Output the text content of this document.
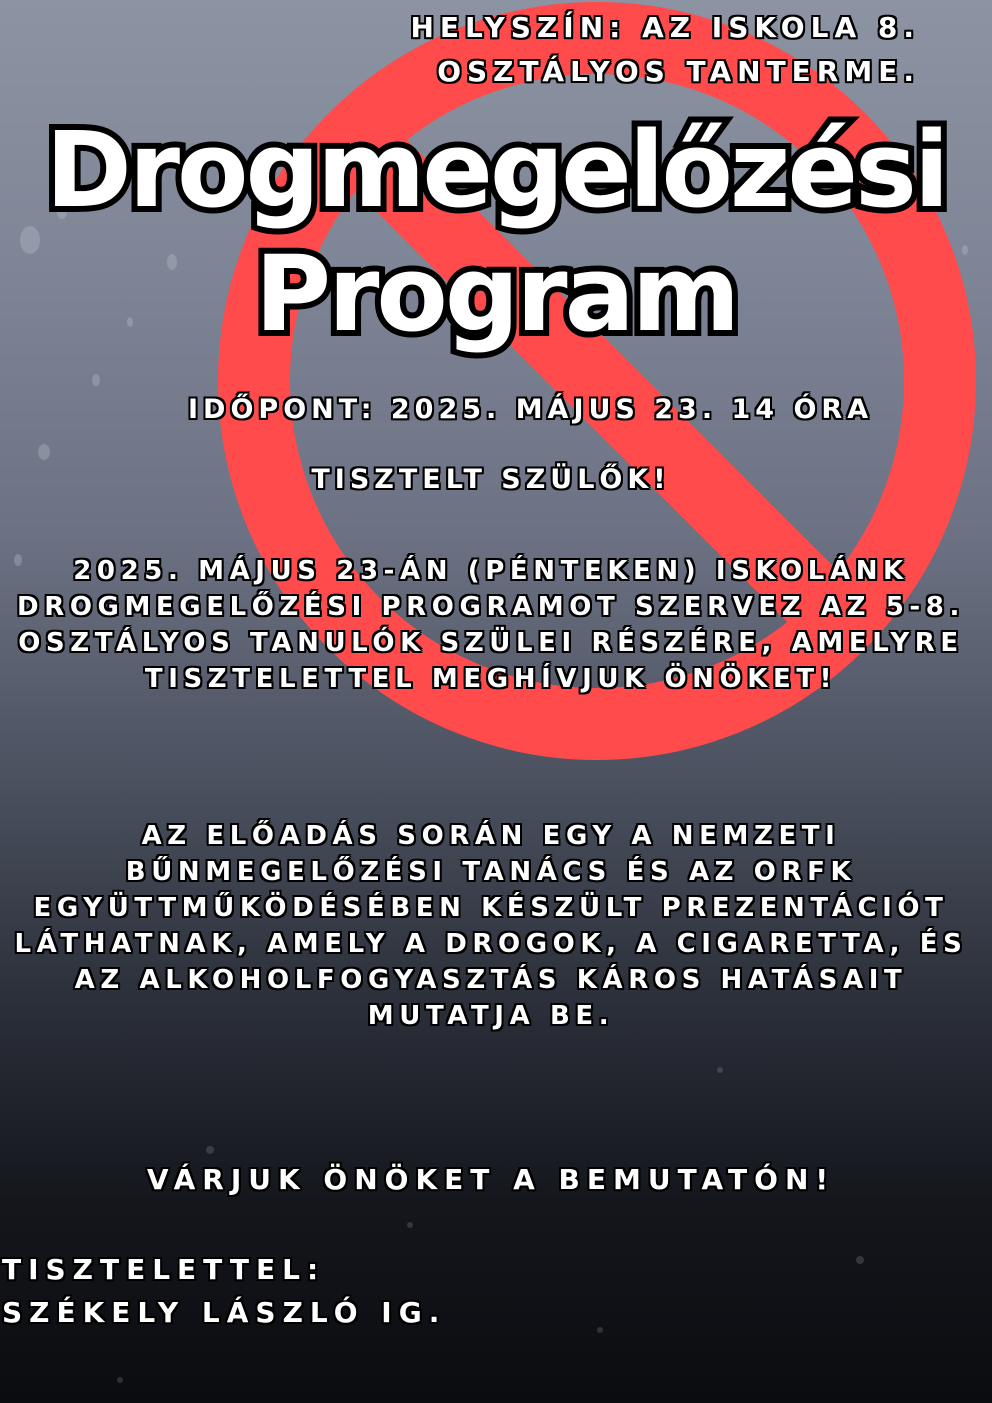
HELYSZÍN: AZ ISKOLA 8. OSZTÁLYOS TANTERME.

Drogmegelőzési
Program

IDŐPONT: 2025. MÁJUS 23. 14 ÓRA

TISZTELT SZÜLŐK!

2025. MÁJUS 23-ÁN (PÉNTEKEN) ISKOLÁNK DROGMEGELŐZÉSI PROGRAMOT SZERVEZ AZ 5-8. OSZTÁLYOS TANULÓK SZÜLEI RÉSZÉRE, AMELYRE TISZTELETTEL MEGHÍVJUK ÖNÖKET!

AZ ELŐADÁS SORÁN EGY A NEMZETI BŰNMEGELŐZÉSI TANÁCS ÉS AZ ORFK EGYÜTTMŰKÖDÉSÉBEN KÉSZÜLT PREZENTÁCIÓT LÁTHATNAK, AMELY A DROGOK, A CIGARETTA, ÉS AZ ALKOHOLFOGYASZTÁS KÁROS HATÁSAIT MUTATJA BE.

VÁRJUK ÖNÖKET A BEMUTATÓN!

TISZTELETTEL:

SZÉKELY LÁSZLÓ IG.
